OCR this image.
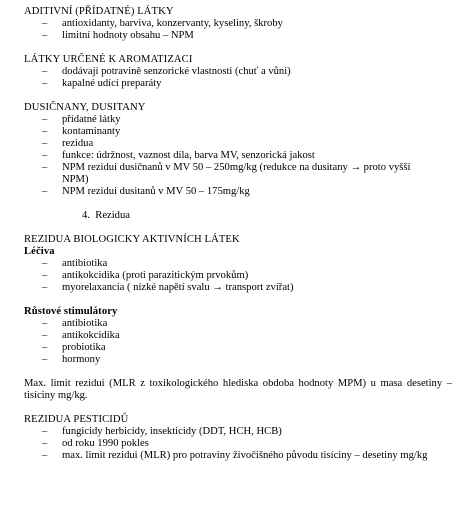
ADITIVNÍ (PŘÍDATNÉ) LÁTKY
–	antioxidanty, barviva, konzervanty, kyseliny, škroby
–	limitní hodnoty obsahu – NPM
LÁTKY URČENÉ K AROMATIZACI
–	dodávají potravině senzorické vlastnosti (chuť a vůni)
–	kapalné udící preparáty
DUSIČNANY, DUSITANY
–	přídatné látky
–	kontaminanty
–	rezidua
–	funkce: údržnost, vaznost díla, barva MV, senzorická jakost
–	NPM rezidui dusičnanů v MV 50 – 250mg/kg (redukce na dusitany → proto vyšší NPM)
–	NPM rezidui dusitanů v MV 50 – 175mg/kg
4. Rezidua
REZIDUA BIOLOGICKY AKTIVNÍCH LÁTEK
Léčiva
–	antibiotika
–	antikokcidika (proti parazitickým prvokům)
–	myorelaxancia ( nízké napětí svalu → transport zvířat)
Růstové stimulátory
–	antibiotika
–	antikokcidika
–	probiotika
–	hormony
Max. limit rezidui (MLR z toxikologického hlediska obdoba hodnoty MPM) u masa desetiny – tisíciny mg/kg.
REZIDUA PESTICIDŮ
–	fungicidy herbicidy, insekticidy (DDT, HCH, HCB)
–	od roku 1990 pokles
–	max. limit rezidui (MLR) pro potraviny živočišného původu tisíciny – desetiny mg/kg
